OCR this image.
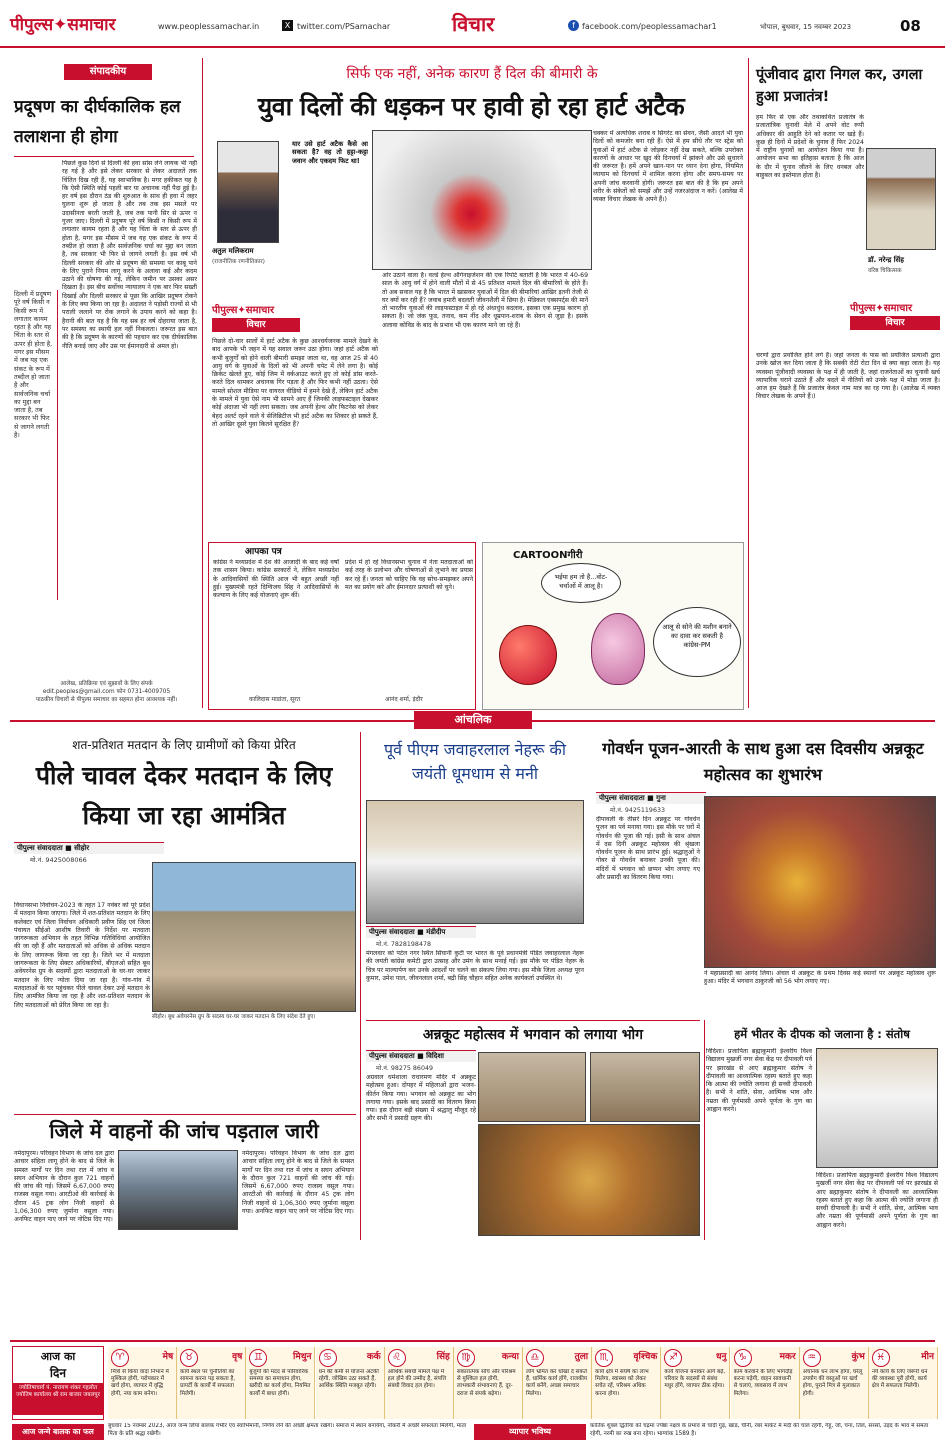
पीपुल्स✦समाचार	www.peoplessamachar.in	X twitter.com/PSamachar	विचार	f facebook.com/peoplessamachar1	भोपाल, बुधवार, 15 नवम्बर 2023	08
संपादकीय
प्रदूषण का दीर्घकालिक हल तलाशना ही होगा
पिछले कुछ दिनों से दिल्ली की हवा सांस लेने लायक भी नहीं रह गई है और इसे लेकर सरकार से लेकर अदालतें तक चिंतित दिख रही हैं, यह स्वाभाविक है। मगर हकीकत यह है कि ऐसी स्थिति कोई पहली बार या अचानक नहीं पैदा हुई है। हर वर्ष इस दौरान ठंड की शुरुआत के साथ ही हवा में जहर घुलना शुरू हो जाता है और तब तक इस मसले पर उदासीनता बरती जाती है, जब तक पानी सिर से ऊपर न गुजर जाए। दिल्ली में प्रदूषण पूरे वर्ष किसी न किसी रूप में लगातार कायम रहता है और यह चिंता के स्तर से ऊपर ही होता है, मगर इस मौसम में जब यह एक संकट के रूप में तब्दील हो जाता है और सार्वजनिक चर्चा का मुद्दा बन जाता है, तब सरकार भी फिर से जागने लगती है। इस वर्ष भी दिल्ली सरकार की ओर से प्रदूषण की समस्या पर काबू पाने के लिए पुराने नियम लागू करने के अलावा कई और कदम उठाने की घोषणा की गई, लेकिन जमीन पर उसका असर दिखता है। इस बीच सर्वोच्च न्यायालय ने एक बार फिर सख्ती दिखाई और दिल्ली सरकार से पूछा कि आखिर प्रदूषण रोकने के लिए क्या किया जा रहा है। अदालत ने पड़ोसी राज्यों से भी पराली जलाने पर रोक लगाने के उपाय करने को कहा है। हैरानी की बात यह है कि यह सब हर वर्ष दोहराया जाता है, पर समस्या का स्थायी हल नहीं निकलता। जरूरत इस बात की है कि प्रदूषण के कारणों की पहचान कर एक दीर्घकालिक नीति बनाई जाए और उस पर ईमानदारी से अमल हो।
दिल्ली में प्रदूषण पूरे वर्ष किसी न किसी रूप में लगातार कायम रहता है और यह चिंता के स्तर से ऊपर ही होता है, मगर इस मौसम में जब यह एक संकट के रूप में तब्दील हो जाता है और सार्वजनिक चर्चा का मुद्दा बन जाता है, तब सरकार भी फिर से जागने लगती है।
आलेख, प्रतिक्रिया एवं सुझावों के लिए संपर्क
edit.peoples@gmail.com फोन 0731-4009705
पाठकीय विचारों से पीपुल्स समाचार का सहमत होना आवश्यक नहीं।
सिर्फ एक नहीं, अनेक कारण हैं दिल की बीमारी के
युवा दिलों की धड़कन पर हावी हो रहा हार्ट अटैक
अतुल मलिकराम
(राजनीतिक रणनीतिकार)
यार उसे हार्ट अटैक कैसे आ सकता है? वह तो हट्टा-कट्टा जवान और एकदम फिट था!
पीपुल्स✦समाचार
विचार
पिछले दो-चार सालों में हार्ट अटैक के कुछ आश्चर्यजनक मामले देखने के बाद आपके भी जहन में यह सवाल जरूर उठा होगा। जहां हार्ट अटैक को कभी बुजुर्गों को होने वाली बीमारी समझा जाता था, वह आज 25 से 40 आयु वर्ग के युवाओं के दिलों को भी अपनी चपेट में लेने लगा है। कोई क्रिकेट खेलते हुए, कोई जिम में वर्कआउट करते हुए तो कोई डांस करते-करते दिल थामकर अचानक गिर पड़ता है और फिर कभी नहीं उठता। ऐसे मामले सोशल मीडिया पर वायरल वीडियो में हमने देखे हैं, लेकिन हार्ट अटैक के मामले में युवा ऐसे नाम भी सामने आए हैं जिनकी लाइफस्टाइल देखकर कोई अंदाजा भी नहीं लगा सकता। जब अपनी हेल्थ और फिटनेस को लेकर बेहद अलर्ट रहने वाले ये सेलिब्रिटीज भी हार्ट अटैक का शिकार हो सकते हैं, तो आखिर दूसरे युवा कितने सुरक्षित हैं?
ओर उठाने वाला है। वर्ल्ड हेल्थ ऑर्गनाइजेशन की एक रिपोर्ट बताती है कि भारत में 40-69 साल के आयु वर्ग में होने वाली मौतों में से 45 प्रतिशत मामले दिल की बीमारियों के होते हैं। तो अब सवाल यह है कि भारत में खासकर युवाओं में दिल की बीमारियां आखिर इतनी तेजी से घर क्यों कर रही हैं? जवाब हमारी बदलती जीवनशैली में छिपा है। मेडिकल एक्सपर्ट्स की मानें तो भारतीय युवाओं की लाइफस्टाइल में हो रहे अंधाधुंध बदलाव, इसका एक प्रमुख कारण हो सकता है। जो जंक फूड, तनाव, कम नींद और धूम्रपान-शराब के सेवन से जुड़ा है। इसके अलावा कोविड के बाद के प्रभाव भी एक कारण माने जा रहे हैं।
चक्कर में अत्यधिक शराब व सिगरेट का सेवन, जैसी आदतें भी युवा दिलों को कमजोर बना रही हैं। ऐसे में हम सीधे तौर पर स्ट्रेस को युवाओं में हार्ट अटैक से जोड़कर नहीं देख सकते, बल्कि उपरोक्त कारणों के आधार पर खुद की दिनचर्या में झांकने और उसे सुधारने की जरूरत है। हमें अपने खान-पान पर ध्यान देना होगा, नियमित व्यायाम को दिनचर्या में शामिल करना होगा और समय-समय पर अपनी जांच करवानी होगी। जरूरत इस बात की है कि हम अपने शरीर के संकेतों को समझें और उन्हें नजरअंदाज न करें। (आलेख में व्यक्त विचार लेखक के अपने हैं।)
आपका पत्र
कांग्रेस ने मध्यप्रदेश में देश की आजादी के बाद कई वर्षों तक शासन किया। कांग्रेस सरकारों ने, लेकिन मध्यप्रदेश के आदिवासियों की स्थिति आज भी बहुत अच्छी नहीं हुई। मुख्यमंत्री रहते दिग्विजय सिंह ने आदिवासियों के कल्याण के लिए कई योजनाएं शुरू कीं।
प्रदेश में हो रहे विधानसभा चुनाव में नेता मतदाताओं को कई तरह के प्रलोभन और घोषणाओं से लुभाने का प्रयास कर रहे हैं। जनता को चाहिए कि वह सोच-समझकर अपने मत का प्रयोग करे और ईमानदार प्रत्याशी को चुने।
कालिदास माडांता, सूरत	आनंद शर्मा, इंदौर
CARTOONगीरी
भईया हम तो है...वोट-चर्चाओं में आलू है।
आलू से सोने की मशीन बनाने का दावा कर सकती है कांग्रेस-PM
पूंजीवाद द्वारा निगल कर, उगला हुआ प्रजातंत्र!
हम फिर से एक और तथाकथित प्रजातंत्र के प्रजातांत्रिक चुनावी मेले में अपने वोट रूपी अधिकार की आहुति देने को कतार पर खड़े हैं। कुछ ही दिनों में प्रदेशों के चुनाव हैं फिर 2024 में राष्ट्रीय चुनावों का आयोजन किया गया है। आयोजन सभा का इतिहास बताता है कि आज के दौर में चुनाव जीतने के लिए धनबल और बाहुबल का इस्तेमाल होता है।
डॉ. नरेन्द्र सिंह
वरिष्ठ चिकित्सक
पीपुल्स✦समाचार
विचार
चरणों द्वारा प्रयोजित होने लगे हैं। जहां जनता के पास को प्रयोजित प्रत्याशी द्वारा उनके खोज कर दिया जाता है कि सबकी रोटी रोटा दिन से क्या कहा जाता है। यह व्यवस्था पूंजीवादी व्यवस्था के पक्ष में ही जाती है, जहां राजनेताओं का चुनावी खर्च व्यापारिक घराने उठाते हैं और बदले में नीतियों को उनके पक्ष में मोड़ा जाता है। आज हम देखते हैं कि प्रजातंत्र केवल नाम मात्र का रह गया है। (आलेख में व्यक्त विचार लेखक के अपने हैं।)
आंचलिक
शत-प्रतिशत मतदान के लिए ग्रामीणों को किया प्रेरित
पीले चावल देकर मतदान के लिए किया जा रहा आमंत्रित
पीपुल्स संवाददाता ■ सीहोर
मो.नं. 9425008066
सीहोर। बूथ अवेयरनेस ग्रुप के सदस्य घर-घर जाकर मतदान के लिए संदेश देते हुए।
विधानसभा निर्वाचन-2023 के तहत 17 नवंबर को पूरे प्रदेश में मतदान किया जाएगा। जिले में शत-प्रतिशत मतदान के लिए कलेक्टर एवं जिला निर्वाचन अधिकारी प्रवीण सिंह एवं जिला पंचायत सीईओ आशीष तिवारी के निर्देश पर मतदाता जागरूकता अभियान के तहत विभिन्न गतिविधियां आयोजित की जा रही हैं और मतदाताओं को अधिक से अधिक मतदान के लिए जागरूक किया जा रहा है। जिले भर में मतदाता जागरूकता के लिए सेक्टर अधिकारियों, बीएलओ सहित बूथ अवेयरनेस ग्रुप के सदस्यों द्वारा मतदाताओं के घर-घर जाकर मतदान के लिए न्योता दिया जा रहा है। गांव-गांव में मतदाताओं के घर पहुंचकर पीले चावल देकर उन्हें मतदान के लिए आमंत्रित किया जा रहा है और शत-प्रतिशत मतदान के लिए मतदाताओं को प्रेरित किया जा रहा है।
जिले में वाहनों की जांच पड़ताल जारी
नर्मदापुरम। परिवहन विभाग के जांच दल द्वारा आचार संहिता लागू होने के बाद से जिले के समस्त मार्गों पर दिन तथा रात में जांच व सघन अभियान के दौरान कुल 721 वाहनों की जांच की गई। जिसमें 6,67,000 रुपए राजस्व वसूल गया। आरटीओ की कार्रवाई के दौरान 45 ट्रक लोग निजी वाहनों से 1,06,300 रुपए जुर्माना वसूला गया। अनफिट वाहन पाए जाने पर नोटिस दिए गए।
नर्मदापुरम। परिवहन विभाग के जांच दल द्वारा आचार संहिता लागू होने के बाद से जिले के समस्त मार्गों पर दिन तथा रात में जांच व सघन अभियान के दौरान कुल 721 वाहनों की जांच की गई। जिसमें 6,67,000 रुपए राजस्व वसूल गया। आरटीओ की कार्रवाई के दौरान 45 ट्रक लोग निजी वाहनों से 1,06,300 रुपए जुर्माना वसूला गया। अनफिट वाहन पाए जाने पर नोटिस दिए गए।
पूर्व पीएम जवाहरलाल नेहरू की जयंती धूमधाम से मनी
पीपुल्स संवाददाता ■ मंडीदीप
मो.नं. 7828198478
मंगलवार को पटेल नगर स्थित सिंघानी कुटी पर भारत के पूर्व प्रधानमंत्री पंडित जवाहरलाल नेहरू की जयंती कांग्रेस कमेटी द्वारा उत्साह और उमंग के साथ मनाई गई। इस मौके पर पंडित नेहरू के चित्र पर माल्यार्पण कर उनके आदर्शों पर चलने का संकल्प लिया गया। इस मौके जिला अध्यक्ष पूरन कुमार, उमेश पाल, जीवनलाल शर्मा, बद्री सिंह चौहान सहित अनेक कार्यकर्ता उपस्थित थे।
गोवर्धन पूजन-आरती के साथ हुआ दस दिवसीय अन्नकूट महोत्सव का शुभारंभ
पीपुल्स संवाददाता ■ गुना
मो.नं. 9425119633
दीपावली के तीसरे दिन अन्नकूट पर गोवर्धन पूजन का पर्व मनाया गया। इस मौके पर घरों में गोवर्धन की पूजा की गई। इसी के साथ अंचल में दस दिनी अन्नकूट महोत्सव की श्रृंखला गोवर्धन पूजन के साथ प्रारंभ हुई। श्रद्धालुओं ने गोबर से गोवर्धन बनाकर उनकी पूजा की। मंदिरों में भगवान को छप्पन भोग लगाए गए और प्रसादी का वितरण किया गया।
ने महाप्रसादी का आनंद लिया। अंचल में अन्नकूट के प्रथम दिवस कई स्थानों पर अन्नकूट महोत्सव शुरू हुआ। मंदिर में भगवान ठाकुरजी को 56 भोग लगाए गए।
अन्नकूट महोत्सव में भगवान को लगाया भोग
पीपुल्स संवाददाता ■ विदिशा
मो.नं. 98275 86049
अग्रवाल धर्मशाला राधारमण मंदिर में अन्नकूट महोत्सव हुआ। दोपहर में महिलाओं द्वारा भजन-कीर्तन किया गया। भगवान को अन्नकूट का भोग लगाया गया। इसके बाद प्रसादी का वितरण किया गया। इस दौरान बड़ी संख्या में श्रद्धालु मौजूद रहे और सभी ने प्रसादी ग्रहण की।
हमें भीतर के दीपक को जलाना है : संतोष
विदिशा। प्रजापिता ब्रह्माकुमारी ईश्वरीय विश्व विद्यालय मुखर्जी नगर सेवा केंद्र पर दीपावली पर्व पर झारखंड से आए ब्रह्माकुमार संतोष ने दीपावली का आध्यात्मिक रहस्य बताते हुए कहा कि आत्मा की ज्योति जगाना ही सच्ची दीपावली है। सभी ने शांति, सेवा, आत्मिक भाव और नम्रता की पूर्णमासी अपने पूर्णता के गुण का आह्वान करने।
विदिशा। प्रजापिता ब्रह्माकुमारी ईश्वरीय विश्व विद्यालय मुखर्जी नगर सेवा केंद्र पर दीपावली पर्व पर झारखंड से आए ब्रह्माकुमार संतोष ने दीपावली का आध्यात्मिक रहस्य बताते हुए कहा कि आत्मा की ज्योति जगाना ही सच्ची दीपावली है। सभी ने शांति, सेवा, आत्मिक भाव और नम्रता की पूर्णमासी अपने पूर्णता के गुण का आह्वान करने।
आज का
दिन
ज्योतिषाचार्य पं. नारायण शंकर गहलोत ज्योतिष कार्यालय श्री राम बाजार जबलपुर
♈	मेष
मित्रों से किया वादा निभाने में मुश्किल होगी, परोपकार में खर्च होगा, व्यापार में वृद्धि होगी, नया काम बनेगा।
♉	वृष
कार्य स्थल पर चुनौतियों का सामना करना पड़ सकता है, प्रापर्टी के कार्यों में सफलता मिलेगी।
♊	मिथुन
बुजुर्गों की मदद से पारिवारिक समस्या का समाधान होगा, खरीदी का कार्य होगा, नियमित कार्यों में बाधा होगी।
♋	कर्क
धन की कमी से योजना अटकी रहेगी, जोखिम उठा सकते हैं, आर्थिक स्थिति मजबूत रहेगी।
♌	सिंह
आर्थिक संबंधी मामले पक्ष में हल होने की उम्मीद है, संपत्ति संबंधी विवाद हल होगा।
♍	कन्या
सकारात्मक सोच और परिश्रम से मुश्किल हल होगी, लाभकारी संभावनाएं हैं, दूर-दराज से संपर्क बढ़ेगा।
♎	तुला
लोग भ्रमित कर धोखा दे सकते हैं, धार्मिक कार्य होंगे, राजकीय कार्य बनेंगे, अच्छा समाचार मिलेगा।
♏	वृश्चिक
कार्य क्षेत्र में संघर्ष का लाभ मिलेगा, स्वास्थ्य को लेकर सचेत रहें, परिश्रम अधिक करना होगा।
♐	धनु
कार्य योजना बनाकर आगे बढ़ें, परिवार के सदस्यों से संबंध मधुर होंगे, व्यापार ठीक रहेगा।
♑	मकर
काम करवाने के लिए भागदौड़ करना पड़ेगी, वाहन सावधानी से चलाएं, व्यवसाय में लाभ मिलेगा।
♒	कुंभ
अचानक धन लाभ होगा, घरेलू उपयोग की वस्तुओं पर खर्च होगा, पुराने मित्र से मुलाकात होगी।
♓	मीन
नये कार्य के लिए जरूरी धन की व्यवस्था पूरी होगी, कार्य क्षेत्र में सफलता मिलेगी।
आज जन्मे बालक का फल
बुधवार 15 नवम्बर 2023, आज जन्म लिया बालक गंभीर एवं स्वाभिमानी, निर्णय लेने की अच्छी क्षमता रखेगा। समाज में स्थान बनायेगा, नौकरी में अच्छी सफलता मिलेगी, माता पिता के प्रति श्रद्धा रखेगी।	व्यापार भविष्य
कार्तिक शुक्ल द्वितीया को चंद्रमा ज्येष्ठा नक्षत्र के प्रभाव से चांदी गुड़, खांड, चीनी, रबर मार्केट में मंदी की चाल रहेगी, गेहूं, जौ, चना, तिल, सरसों, उड़द के भाव में समता रहेगी, नरमी का रुख बना रहेगा। भाग्यांक 1589 है।
